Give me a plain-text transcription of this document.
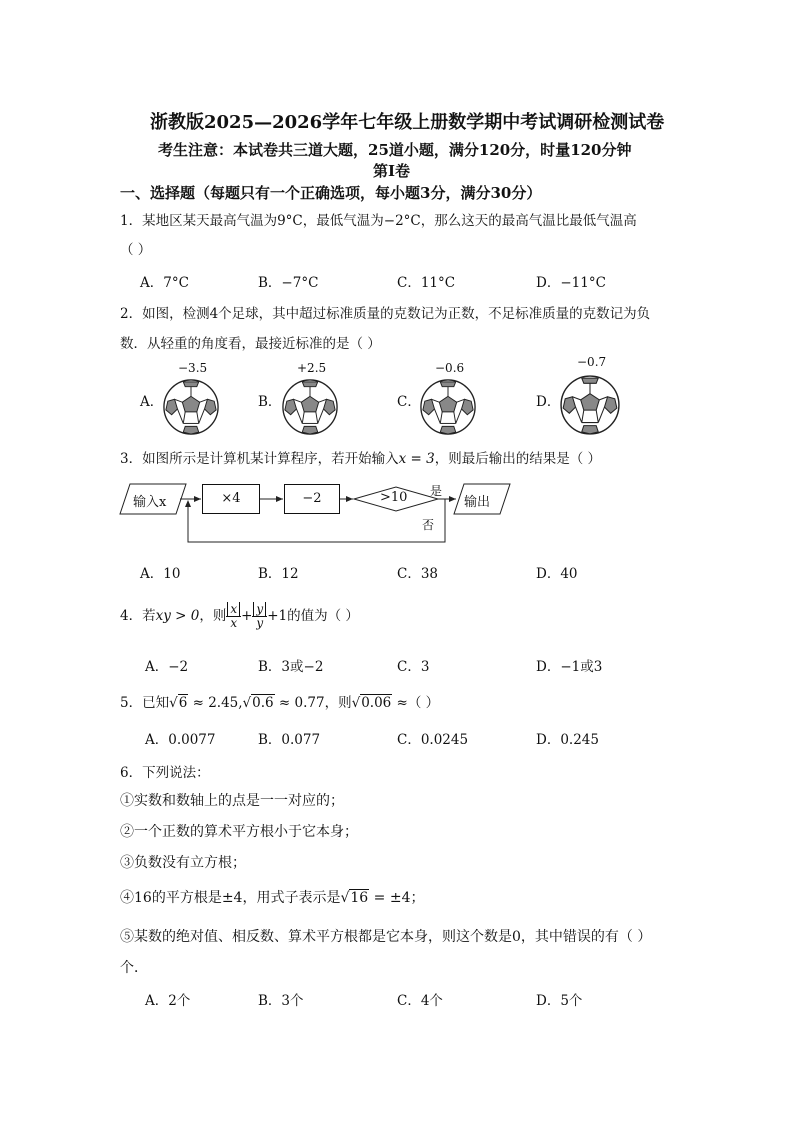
浙教版2025—2026学年七年级上册数学期中考试调研检测试卷
考生注意：本试卷共三道大题，25道小题，满分120分，时量120分钟
第Ⅰ卷
一、选择题（每题只有一个正确选项，每小题3分，满分30分）
1．某地区某天最高气温为9°C，最低气温为−2°C，那么这天的最高气温比最低气温高
（ ）
A．7°C	B．−7°C	C．11°C	D．−11°C
2．如图，检测4个足球，其中超过标准质量的克数记为正数，不足标准质量的克数记为负
数．从轻重的角度看，最接近标准的是（ ）
−3.5	+2.5	−0.6	−0.7
A．	B．	C．	D．
3．如图所示是计算机某计算程序，若开始输入x = 3，则最后输出的结果是（ ）
输入x	×4	−2	>10 是
否
输出
A．10	B．12	C．38	D．40
4．若xy > 0，则 $\frac{x}{x} + \frac{y}{y} +1$的值为（ ）
A．−2	B．3或−2	C．3	D．−1或3
5．已知√6 ≈ 2.45,√0.6 ≈ 0.77，则√0.06 ≈（ ）
A．0.0077	B．0.077	C．0.0245	D．0.245
6．下列说法：
①实数和数轴上的点是一一对应的；
②一个正数的算术平方根小于它本身；
③负数没有立方根；
④16的平方根是±4，用式子表示是√16 = ±4；
⑤某数的绝对值、相反数、算术平方根都是它本身，则这个数是0，其中错误的有（ ）
个．
A．2个	B．3个	C．4个	D．5个
